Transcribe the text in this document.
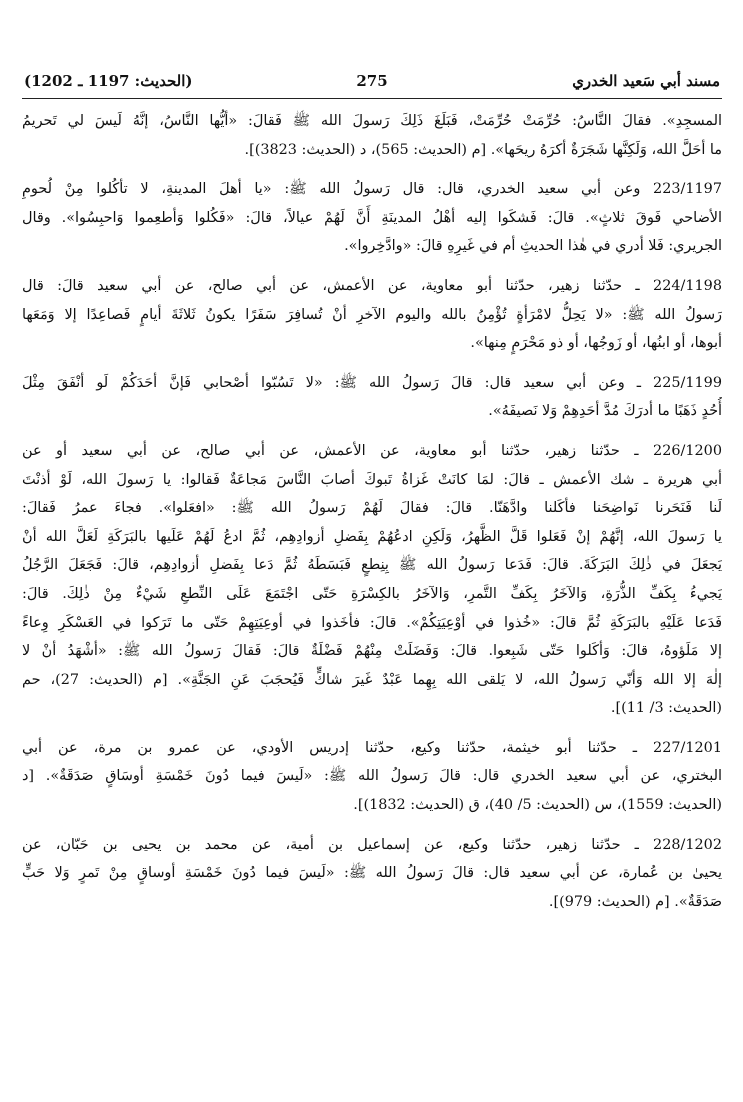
مسند أبي سَعيد الخدري
275
(الحديث: 1197 ـ 1202)

المسجِدِ». فقالَ النَّاسُ: حُرِّمَتْ حُرِّمَتْ، فَبَلَغَ ذَلِكَ رَسولَ الله ﷺ فَقالَ: «أيُّها النَّاسُ، إنَّهُ لَيسَ لي تَحريمُ

ما أحَلَّ الله، وَلَكِنَّها شَجَرَةٌ أكرَهُ ريحَها». [م (الحديث: 565)، د (الحديث: 3823)].

223/1197 وعن أبي سعيد الخدري، قال: قال رَسولُ الله ﷺ: «يا أهلَ المدينةِ، لا تأكُلوا مِنْ لُحومِ

الأضاحي فَوقَ ثلاثٍ». قالَ: فَشكَوا إليه أهْلُ المدينَةِ أَنَّ لَهُمْ عيالاً، قالَ: «فَكُلوا وَأطعِموا وَاحبِسُوا». وقال

الجريري: فَلا أدري في هٰذا الحديثِ أم في غَيرِهِ قالَ: «وادَّخِروا».

224/1198 ـ حدّثنا زهير، حدّثنا أبو معاوية، عن الأعمش، عن أبي صالح، عن أبي سعيد قالَ: قال

رَسولُ الله ﷺ: «لا يَحِلُّ لامْرَأةٍ تُؤْمِنُ بالله واليوم الآخرِ أنْ تُسافِرَ سَفَرًا يكونُ ثَلاثَةَ أيامٍ فَصاعِدًا إلا وَمَعَها

أبوها، أو ابنُها، أو زَوجُها، أو ذو مَحْرَمٍ مِنها».

225/1199 ـ وعن أبي سعيد قال: قالَ رَسولُ الله ﷺ: «لا تَسُبّوا أصْحابي فَإنَّ أحَدَكُمْ لَو أنْفَقَ مِثْلَ

أُحُدٍ ذَهَبًا ما أدرَكَ مُدَّ أحَدِهِمْ وَلا نَصيفَهُ».

226/1200 ـ حدّثنا زهير، حدّثنا أبو معاوية، عن الأعمش، عن أبي صالح، عن أبي سعيد أو عن

أبي هريرة ـ شك الأعمش ـ قالَ: لمَا كانَتْ غَزاةُ تَبوكَ أصابَ النَّاسَ مَجاعَةٌ فَقالوا: يا رَسولَ الله، لَوْ أذنْتَ

لَنا فَنَحَرنا نَواضِحَنا فأكَلنا وادَّهَنّا. قالَ: فقالَ لَهُمْ رَسولُ الله ﷺ: «افعَلوا». فجاءَ عمرُ فَقالَ:

يا رَسولَ الله، إنَّهُمْ إنْ فَعَلوا قَلَّ الظَّهرُ، وَلَكِنِ ادعُهُمْ بِفَضلِ أزوادِهِم، ثُمَّ ادعُ لَهُمْ عَلَيها بالبَرَكَةِ لَعَلَّ الله أنْ

يَجعَلَ في ذٰلِكَ البَرَكَةَ. قالَ: فَدَعا رَسولُ الله ﷺ بِنِطعٍ فَبَسَطَهُ ثُمَّ دَعا بِفَضلِ أزوادِهِم، قالَ: فَجَعَلَ الرَّجُلُ

يَجيءُ بِكَفِّ الذُّرَةِ، وَالآخَرُ بِكَفِّ التَّمرِ، وَالآخَرُ بالكِسْرَةِ حَتّى اجْتَمَعَ عَلَى النِّطعِ شَيْءٌ مِنْ ذٰلِكَ. قالَ:

فَدَعا عَلَيْهِ بالبَرَكَةِ ثُمَّ قالَ: «خُذوا في أوْعِيَتِكُمْ». قالَ: فأخَذوا في أوعِيَتِهِمْ حَتّى ما تَرَكوا في العَسْكَرِ وِعاءً

إلا مَلَؤوهُ، قالَ: وَأكَلوا حَتّى شَبِعوا. قالَ: وَفَضَلَتْ مِنْهُمْ فَضْلَةٌ قالَ: فَقالَ رَسولُ الله ﷺ: «أشْهَدُ أنْ لا

إلٰهَ إلا الله وَأنّي رَسولُ الله، لا يَلقى الله بِهِما عَبْدٌ غَيرَ شاكٍّ فَيُحجَبَ عَنِ الجَنَّةِ». [م (الحديث: 27)، حم

(الحديث: 3/ 11)].

227/1201 ـ حدّثنا أبو خيثمة، حدّثنا وكيع، حدّثنا إدريس الأودي، عن عمرو بن مرة، عن أبي

البختري، عن أبي سعيد الخدري قال: قالَ رَسولُ الله ﷺ: «لَيسَ فيما دُونَ خَمْسَةِ أوسَاقٍ صَدَقَةٌ». [د

(الحديث: 1559)، س (الحديث: 5/ 40)، ق (الحديث: 1832)].

228/1202 ـ حدّثنا زهير، حدّثنا وكيع، عن إسماعيل بن أمية، عن محمد بن يحيى بن حَبّان، عن

يحيىٰ بن عُمارة، عن أبي سعيد قال: قالَ رَسولُ الله ﷺ: «لَيسَ فيما دُونَ خَمْسَةِ أوساقٍ مِنْ تَمرٍ وَلا حَبٍّ

صَدَقَةٌ». [م (الحديث: 979)].
